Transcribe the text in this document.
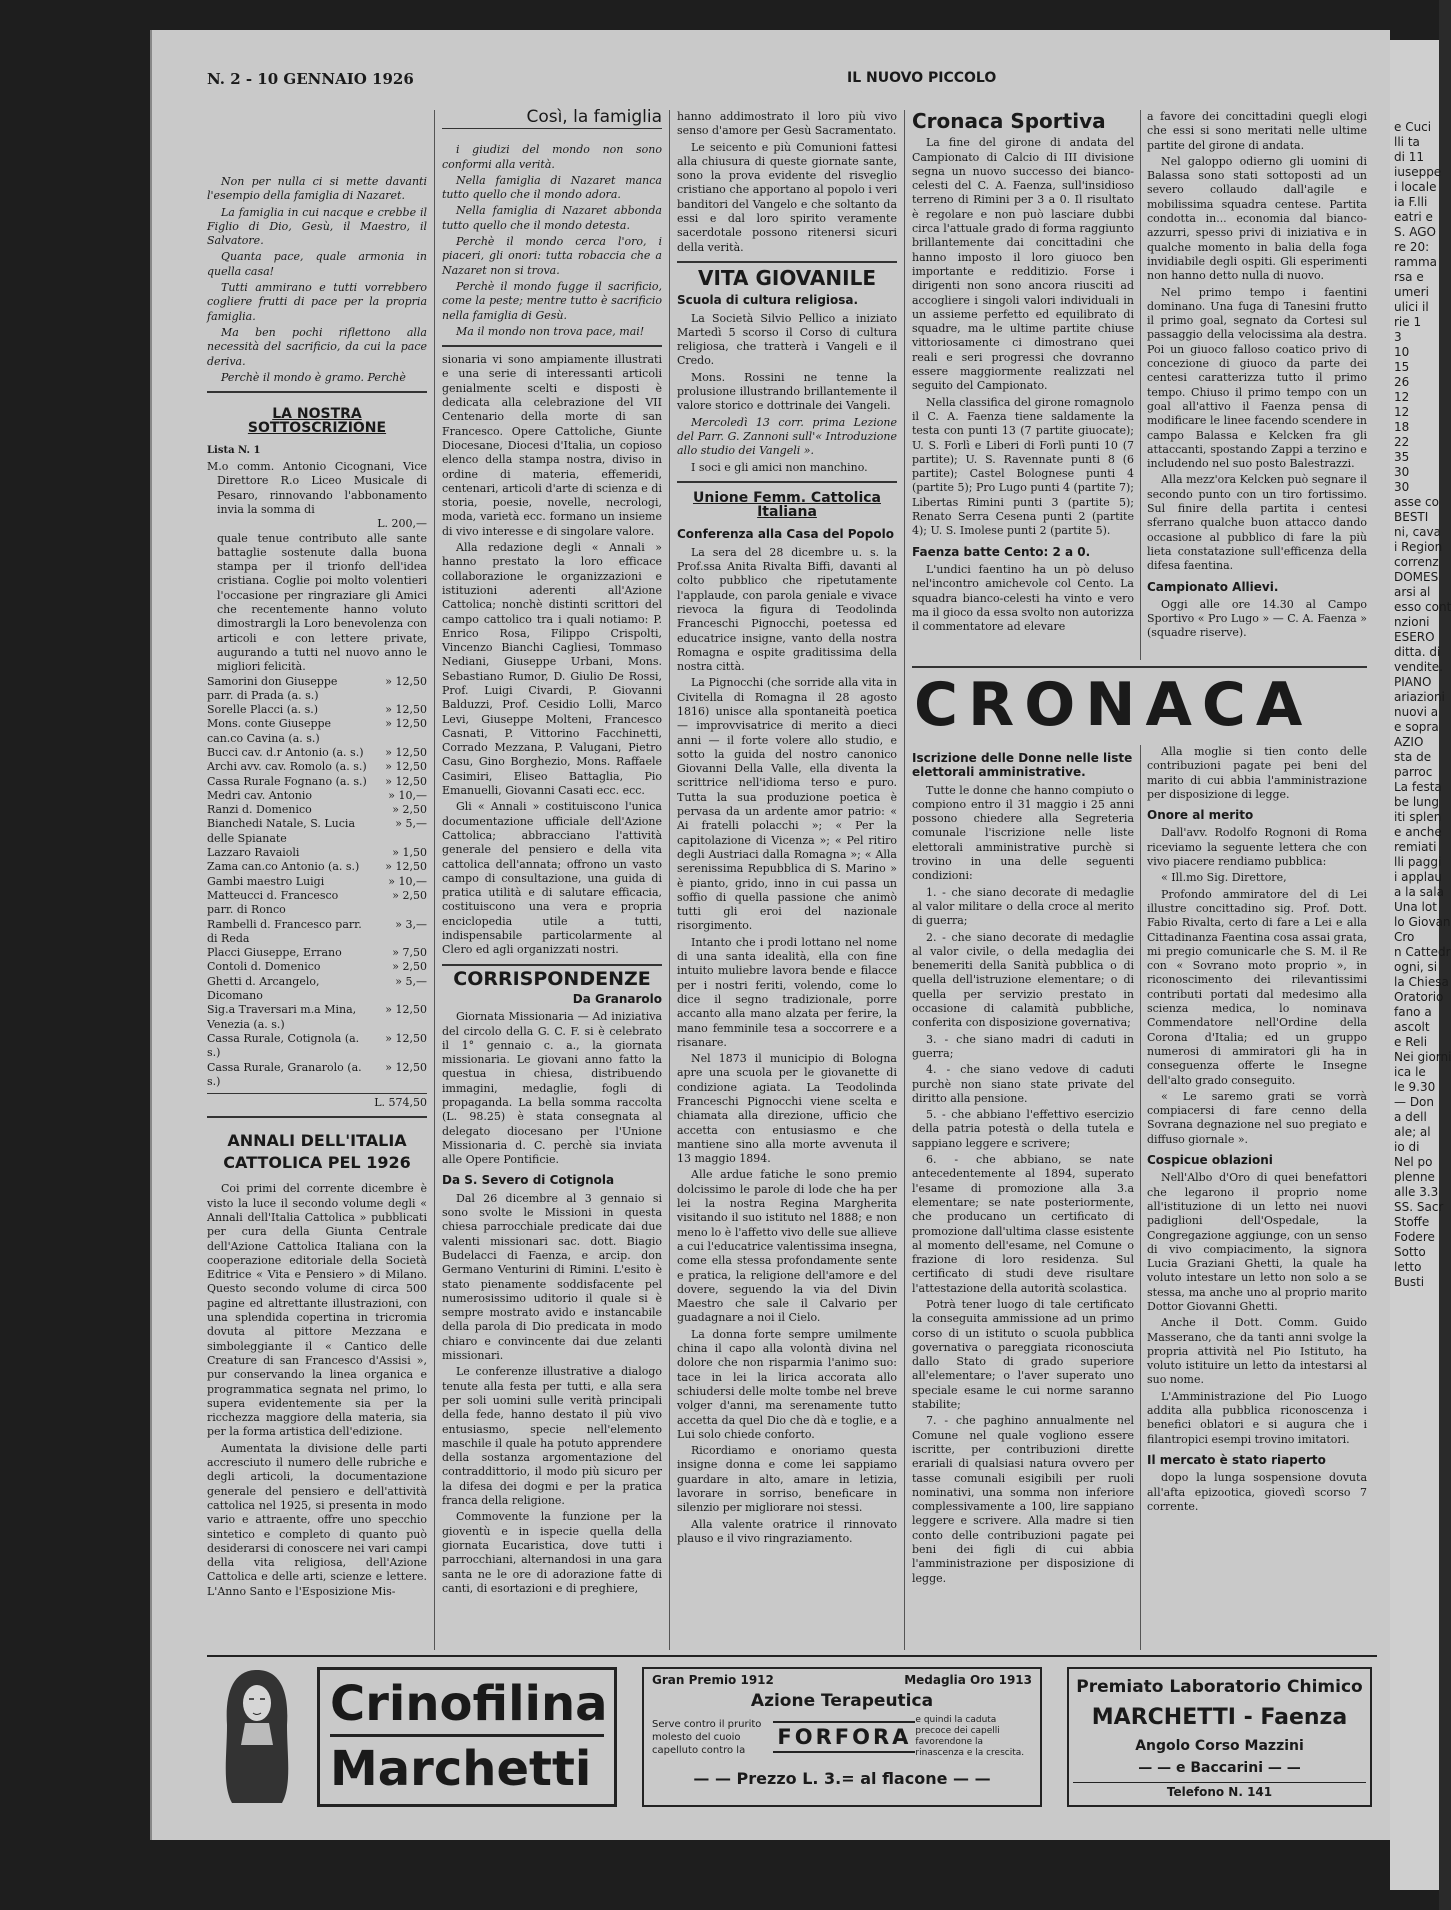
e Cuci
lli ta
di 11
iuseppe
i locale
ia F.lli
eatri e
S. AGO
re 20:
ramma
rsa e
umeri
ulici il
rie 1
3
10
15
26
12
12
18
22
35
30
30
asse co
BESTI
ni, cava
i Region
correnz
DOMES
arsi al
esso cont
nzioni
ESERO
ditta. di
vendite.
PIANO
ariazioni
nuovi a
e sopra
AZIO
sta de
parroc
La festa
be lung
iti splen
e anche
remiati
lli paggi
i applau
a la sala
Una lot
lo Giovan
Cro
n Cattedr
ogni, si
la Chiesa
Oratorio
fano a
ascolt
e Reli
Nei giorni
ica le
le 9.30
— Don
a dell
ale; al
io di
Nel po
plenne
alle 3.3
SS. Sacr
Stoffe
Fodere
Sotto
letto
Busti
N. 2 - 10 GENNAIO 1926	IL NUOVO PICCOLO

Non per nulla ci si mette davanti l'esempio della famiglia di Nazaret.

La famiglia in cui nacque e crebbe il Figlio di Dio, Gesù, il Maestro, il Salvatore.

Quanta pace, quale armonia in quella casa!

Tutti ammirano e tutti vorrebbero cogliere frutti di pace per la propria famiglia.

Ma ben pochi riflettono alla necessità del sacrificio, da cui la pace deriva.

Perchè il mondo è gramo. Perchè

LA NOSTRA SOTTOSCRIZIONE
Lista N. 1
M.o comm. Antonio Cicognani, Vice Direttore R.o Liceo Musicale di Pesaro, rinnovando l'abbonamento invia la somma di
L. 200,—
quale tenue contributo alle sante battaglie sostenute dalla buona stampa per il trionfo dell'idea cristiana. Coglie poi molto volentieri l'occasione per ringraziare gli Amici che recentemente hanno voluto dimostrargli la Loro benevolenza con articoli e con lettere private, augurando a tutti nel nuovo anno le migliori felicità.
Samorini don Giuseppe parr. di Prada (a. s.)
» 12,50
Sorelle Placci (a. s.)	» 12,50
Mons. conte Giuseppe can.co Cavina (a. s.)
» 12,50
Bucci cav. d.r Antonio (a. s.)	» 12,50
Archi avv. cav. Romolo (a. s.)	» 12,50
Cassa Rurale Fognano (a. s.)	» 12,50
Medri cav. Antonio	» 10,—
Ranzi d. Domenico	» 2,50
Bianchedi Natale, S. Lucia delle Spianate
» 5,—
Lazzaro Ravaioli	» 1,50
Zama can.co Antonio (a. s.)	» 12,50
Gambi maestro Luigi	» 10,—
Matteucci d. Francesco parr. di Ronco
» 2,50
Rambelli d. Francesco parr. di Reda
» 3,—
Placci Giuseppe, Errano	» 7,50
Contoli d. Domenico	» 2,50
Ghetti d. Arcangelo, Dicomano
» 5,—
Sig.a Traversari m.a Mina, Venezia (a. s.)
» 12,50
Cassa Rurale, Cotignola (a. s.)
» 12,50
Cassa Rurale, Granarolo (a. s.)
» 12,50
L. 574,50
ANNALI DELL'ITALIA CATTOLICA PEL 1926

Coi primi del corrente dicembre è visto la luce il secondo volume degli « Annali dell'Italia Cattolica » pubblicati per cura della Giunta Centrale dell'Azione Cattolica Italiana con la cooperazione editoriale della Società Editrice « Vita e Pensiero » di Milano. Questo secondo volume di circa 500 pagine ed altrettante illustrazioni, con una splendida copertina in tricromia dovuta al pittore Mezzana e simboleggiante il « Cantico delle Creature di san Francesco d'Assisi », pur conservando la linea organica e programmatica segnata nel primo, lo supera evidentemente sia per la ricchezza maggiore della materia, sia per la forma artistica dell'edizione.

Aumentata la divisione delle parti accresciuto il numero delle rubriche e degli articoli, la documentazione generale del pensiero e dell'attività cattolica nel 1925, si presenta in modo vario e attraente, offre uno specchio sintetico e completo di quanto può desiderarsi di conoscere nei vari campi della vita religiosa, dell'Azione Cattolica e delle arti, scienze e lettere. L'Anno Santo e l'Esposizione Mis-

Così, la famiglia

i giudizi del mondo non sono conformi alla verità.

Nella famiglia di Nazaret manca tutto quello che il mondo adora.

Nella famiglia di Nazaret abbonda tutto quello che il mondo detesta.

Perchè il mondo cerca l'oro, i piaceri, gli onori: tutta robaccia che a Nazaret non si trova.

Perchè il mondo fugge il sacrificio, come la peste; mentre tutto è sacrificio nella famiglia di Gesù.

Ma il mondo non trova pace, mai!

sionaria vi sono ampiamente illustrati e una serie di interessanti articoli genialmente scelti e disposti è dedicata alla celebrazione del VII Centenario della morte di san Francesco. Opere Cattoliche, Giunte Diocesane, Diocesi d'Italia, un copioso elenco della stampa nostra, diviso in ordine di materia, effemeridi, centenari, articoli d'arte di scienza e di storia, poesie, novelle, necrologi, moda, varietà ecc. formano un insieme di vivo interesse e di singolare valore.

Alla redazione degli « Annali » hanno prestato la loro efficace collaborazione le organizzazioni e istituzioni aderenti all'Azione Cattolica; nonchè distinti scrittori del campo cattolico tra i quali notiamo: P. Enrico Rosa, Filippo Crispolti, Vincenzo Bianchi Cagliesi, Tommaso Nediani, Giuseppe Urbani, Mons. Sebastiano Rumor, D. Giulio De Rossi, Prof. Luigi Civardi, P. Giovanni Balduzzi, Prof. Cesidio Lolli, Marco Levi, Giuseppe Molteni, Francesco Casnati, P. Vittorino Facchinetti, Corrado Mezzana, P. Valugani, Pietro Casu, Gino Borghezio, Mons. Raffaele Casimiri, Eliseo Battaglia, Pio Emanuelli, Giovanni Casati ecc. ecc.

Gli « Annali » costituiscono l'unica documentazione ufficiale dell'Azione Cattolica; abbracciano l'attività generale del pensiero e della vita cattolica dell'annata; offrono un vasto campo di consultazione, una guida di pratica utilità e di salutare efficacia, costituiscono una vera e propria enciclopedia utile a tutti, indispensabile particolarmente al Clero ed agli organizzati nostri.

CORRISPONDENZE
Da Granarolo

Giornata Missionaria — Ad iniziativa del circolo della G. C. F. si è celebrato il 1° gennaio c. a., la giornata missionaria. Le giovani anno fatto la questua in chiesa, distribuendo immagini, medaglie, fogli di propaganda. La bella somma raccolta (L. 98.25) è stata consegnata al delegato diocesano per l'Unione Missionaria d. C. perchè sia inviata alle Opere Pontificie.

Da S. Severo di Cotignola

Dal 26 dicembre al 3 gennaio si sono svolte le Missioni in questa chiesa parrocchiale predicate dai due valenti missionari sac. dott. Biagio Budelacci di Faenza, e arcip. don Germano Venturini di Rimini. L'esito è stato pienamente soddisfacente pel numerosissimo uditorio il quale si è sempre mostrato avido e instancabile della parola di Dio predicata in modo chiaro e convincente dai due zelanti missionari.

Le conferenze illustrative a dialogo tenute alla festa per tutti, e alla sera per soli uomini sulle verità principali della fede, hanno destato il più vivo entusiasmo, specie nell'elemento maschile il quale ha potuto apprendere della sostanza argomentazione del contraddittorio, il modo più sicuro per la difesa dei dogmi e per la pratica franca della religione.

Commovente la funzione per la gioventù e in ispecie quella della giornata Eucaristica, dove tutti i parrocchiani, alternandosi in una gara santa ne le ore di adorazione fatte di canti, di esortazioni e di preghiere,

hanno addimostrato il loro più vivo senso d'amore per Gesù Sacramentato.

Le seicento e più Comunioni fattesi alla chiusura di queste giornate sante, sono la prova evidente del risveglio cristiano che apportano al popolo i veri banditori del Vangelo e che soltanto da essi e dal loro spirito veramente sacerdotale possono ritenersi sicuri della verità.

VITA GIOVANILE
Scuola di cultura religiosa.

La Società Silvio Pellico a iniziato Martedì 5 scorso il Corso di cultura religiosa, che tratterà i Vangeli e il Credo.

Mons. Rossini ne tenne la prolusione illustrando brillantemente il valore storico e dottrinale dei Vangeli.

Mercoledì 13 corr. prima Lezione del Parr. G. Zannoni sull'« Introduzione allo studio dei Vangeli ».

I soci e gli amici non manchino.

Unione Femm. Cattolica Italiana
Conferenza alla Casa del Popolo

La sera del 28 dicembre u. s. la Prof.ssa Anita Rivalta Biffi, davanti al colto pubblico che ripetutamente l'applaude, con parola geniale e vivace rievoca la figura di Teodolinda Franceschi Pignocchi, poetessa ed educatrice insigne, vanto della nostra Romagna e ospite graditissima della nostra città.

La Pignocchi (che sorride alla vita in Civitella di Romagna il 28 agosto 1816) unisce alla spontaneità poetica — improvvisatrice di merito a dieci anni — il forte volere allo studio, e sotto la guida del nostro canonico Giovanni Della Valle, ella diventa la scrittrice nell'idioma terso e puro. Tutta la sua produzione poetica è pervasa da un ardente amor patrio: « Ai fratelli polacchi »; « Per la capitolazione di Vicenza »; « Pel ritiro degli Austriaci dalla Romagna »; « Alla serenissima Repubblica di S. Marino » è pianto, grido, inno in cui passa un soffio di quella passione che animò tutti gli eroi del nazionale risorgimento.

Intanto che i prodi lottano nel nome di una santa idealità, ella con fine intuito muliebre lavora bende e filacce per i nostri feriti, volendo, come lo dice il segno tradizionale, porre accanto alla mano alzata per ferire, la mano femminile tesa a soccorrere e a risanare.

Nel 1873 il municipio di Bologna apre una scuola per le giovanette di condizione agiata. La Teodolinda Franceschi Pignocchi viene scelta e chiamata alla direzione, ufficio che accetta con entusiasmo e che mantiene sino alla morte avvenuta il 13 maggio 1894.

Alle ardue fatiche le sono premio dolcissimo le parole di lode che ha per lei la nostra Regina Margherita visitando il suo istituto nel 1888; e non meno lo è l'affetto vivo delle sue allieve a cui l'educatrice valentissima insegna, come ella stessa profondamente sente e pratica, la religione dell'amore e del dovere, seguendo la via del Divin Maestro che sale il Calvario per guadagnare a noi il Cielo.

La donna forte sempre umilmente china il capo alla volontà divina nel dolore che non risparmia l'animo suo: tace in lei la lirica accorata allo schiudersi delle molte tombe nel breve volger d'anni, ma serenamente tutto accetta da quel Dio che dà e toglie, e a Lui solo chiede conforto.

Ricordiamo e onoriamo questa insigne donna e come lei sappiamo guardare in alto, amare in letizia, lavorare in sorriso, beneficare in silenzio per migliorare noi stessi.

Alla valente oratrice il rinnovato plauso e il vivo ringraziamento.

Cronaca Sportiva

La fine del girone di andata del Campionato di Calcio di III divisione segna un nuovo successo dei bianco-celesti del C. A. Faenza, sull'insidioso terreno di Rimini per 3 a 0. Il risultato è regolare e non può lasciare dubbi circa l'attuale grado di forma raggiunto brillantemente dai concittadini che hanno imposto il loro giuoco ben importante e redditizio. Forse i dirigenti non sono ancora riusciti ad accogliere i singoli valori individuali in un assieme perfetto ed equilibrato di squadre, ma le ultime partite chiuse vittoriosamente ci dimostrano quei reali e seri progressi che dovranno essere maggiormente realizzati nel seguito del Campionato.

Nella classifica del girone romagnolo il C. A. Faenza tiene saldamente la testa con punti 13 (7 partite giuocate); U. S. Forlì e Liberi di Forlì punti 10 (7 partite); U. S. Ravennate punti 8 (6 partite); Castel Bolognese punti 4 (partite 5); Pro Lugo punti 4 (partite 7); Libertas Rimini punti 3 (partite 5); Renato Serra Cesena punti 2 (partite 4); U. S. Imolese punti 2 (partite 5).

Faenza batte Cento: 2 a 0.

L'undici faentino ha un pò deluso nel'incontro amichevole col Cento. La squadra bianco-celesti ha vinto e vero ma il gioco da essa svolto non autorizza il commentatore ad elevare

CRONACA
Iscrizione delle Donne nelle liste elettorali amministrative.

Tutte le donne che hanno compiuto o compiono entro il 31 maggio i 25 anni possono chiedere alla Segreteria comunale l'iscrizione nelle liste elettorali amministrative purchè si trovino in una delle seguenti condizioni:

1. - che siano decorate di medaglie al valor militare o della croce al merito di guerra;

2. - che siano decorate di medaglie al valor civile, o della medaglia dei benemeriti della Sanità pubblica o di quella dell'istruzione elementare; o di quella per servizio prestato in occasione di calamità pubbliche, conferita con disposizione governativa;

3. - che siano madri di caduti in guerra;

4. - che siano vedove di caduti purchè non siano state private del diritto alla pensione.

5. - che abbiano l'effettivo esercizio della patria potestà o della tutela e sappiano leggere e scrivere;

6. - che abbiano, se nate antecedentemente al 1894, superato l'esame di promozione alla 3.a elementare; se nate posteriormente, che producano un certificato di promozione dall'ultima classe esistente al momento dell'esame, nel Comune o frazione di loro residenza. Sul certificato di studi deve risultare l'attestazione della autorità scolastica.

Potrà tener luogo di tale certificato la conseguita ammissione ad un primo corso di un istituto o scuola pubblica governativa o pareggiata riconosciuta dallo Stato di grado superiore all'elementare; o l'aver superato uno speciale esame le cui norme saranno stabilite;

7. - che paghino annualmente nel Comune nel quale vogliono essere iscritte, per contribuzioni dirette erariali di qualsiasi natura ovvero per tasse comunali esigibili per ruoli nominativi, una somma non inferiore complessivamente a 100, lire sappiano leggere e scrivere. Alla madre si tien conto delle contribuzioni pagate pei beni dei figli di cui abbia l'amministrazione per disposizione di legge.

a favore dei concittadini quegli elogi che essi si sono meritati nelle ultime partite del girone di andata.

Nel galoppo odierno gli uomini di Balassa sono stati sottoposti ad un severo collaudo dall'agile e mobilissima squadra centese. Partita condotta in... economia dal bianco-azzurri, spesso privi di iniziativa e in qualche momento in balia della foga invidiabile degli ospiti. Gli esperimenti non hanno detto nulla di nuovo.

Nel primo tempo i faentini dominano. Una fuga di Tanesini frutto il primo goal, segnato da Cortesi sul passaggio della velocissima ala destra. Poi un giuoco falloso coatico privo di concezione di giuoco da parte dei centesi caratterizza tutto il primo tempo. Chiuso il primo tempo con un goal all'attivo il Faenza pensa di modificare le linee facendo scendere in campo Balassa e Kelcken fra gli attaccanti, spostando Zappi a terzino e includendo nel suo posto Balestrazzi.

Alla mezz'ora Kelcken può segnare il secondo punto con un tiro fortissimo. Sul finire della partita i centesi sferrano qualche buon attacco dando occasione al pubblico di fare la più lieta constatazione sull'efficenza della difesa faentina.

Campionato Allievi.

Oggi alle ore 14.30 al Campo Sportivo « Pro Lugo » — C. A. Faenza » (squadre riserve).

Alla moglie si tien conto delle contribuzioni pagate pei beni del marito di cui abbia l'amministrazione per disposizione di legge.

Onore al merito

Dall'avv. Rodolfo Rognoni di Roma riceviamo la seguente lettera che con vivo piacere rendiamo pubblica:

« Ill.mo Sig. Direttore,

Profondo ammiratore del di Lei illustre concittadino sig. Prof. Dott. Fabio Rivalta, certo di fare a Lei e alla Cittadinanza Faentina cosa assai grata, mi pregio comunicarle che S. M. il Re con « Sovrano moto proprio », in riconoscimento dei rilevantissimi contributi portati dal medesimo alla scienza medica, lo nominava Commendatore nell'Ordine della Corona d'Italia; ed un gruppo numerosi di ammiratori gli ha in conseguenza offerte le Insegne dell'alto grado conseguito.

« Le saremo grati se vorrà compiacersi di fare cenno della Sovrana degnazione nel suo pregiato e diffuso giornale ».

Cospicue oblazioni

Nell'Albo d'Oro di quei benefattori che legarono il proprio nome all'istituzione di un letto nei nuovi padiglioni dell'Ospedale, la Congregazione aggiunge, con un senso di vivo compiacimento, la signora Lucia Graziani Ghetti, la quale ha voluto intestare un letto non solo a se stessa, ma anche uno al proprio marito Dottor Giovanni Ghetti.

Anche il Dott. Comm. Guido Masserano, che da tanti anni svolge la propria attività nel Pio Istituto, ha voluto istituire un letto da intestarsi al suo nome.

L'Amministrazione del Pio Luogo addita alla pubblica riconoscenza i benefici oblatori e si augura che i filantropici esempi trovino imitatori.

Il mercato è stato riaperto

dopo la lunga sospensione dovuta all'afta epizootica, giovedì scorso 7 corrente.

Crinofilina
Marchetti
Gran Premio 1912	Medaglia Oro 1913
Azione Terapeutica
Serve contro il prurito molesto del cuoio capelluto contro la
FORFORA
e quindi la caduta precoce dei capelli favorendone la rinascenza e la crescita.
— — Prezzo L. 3.= al flacone — —
Premiato Laboratorio Chimico
MARCHETTI - Faenza
Angolo Corso Mazzini
— — e Baccarini — —
Telefono N. 141
